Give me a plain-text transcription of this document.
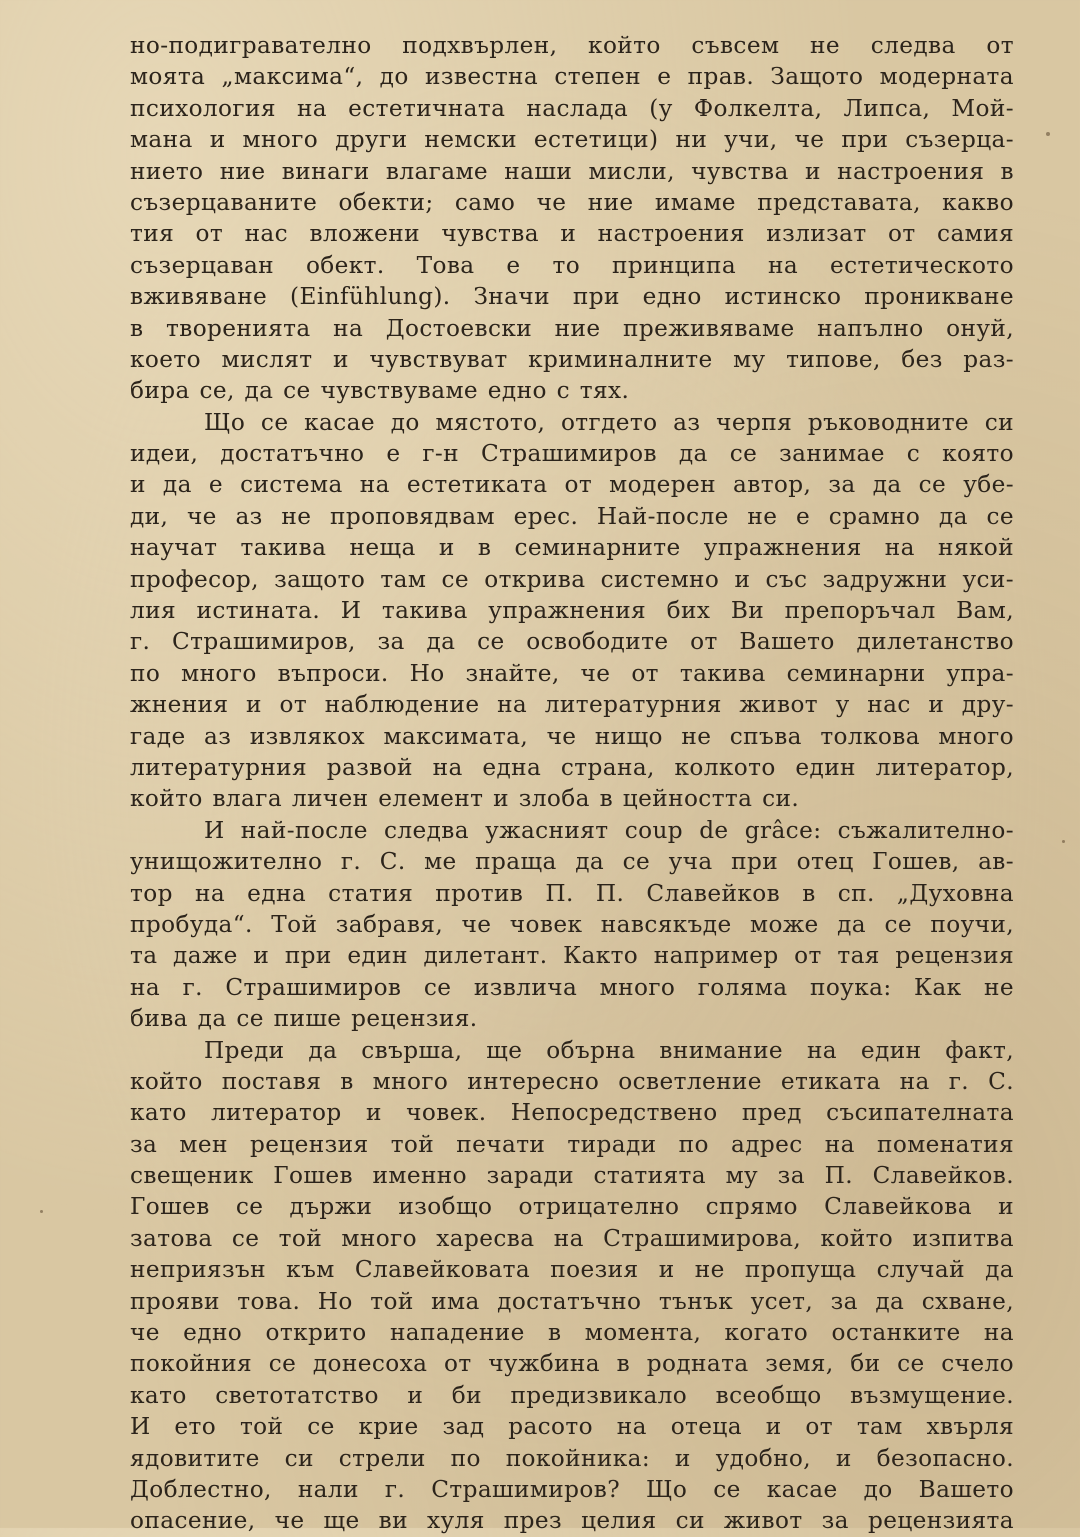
но-подигравателно подхвърлен, който съвсем не следва от
моята „максима“, до известна степен е прав. Защото модерната
психология на естетичната наслада (у Фолкелта, Липса, Мой-
мана и много други немски естетици) ни учи, че при съзерца-
нието ние винаги влагаме наши мисли, чувства и настроения в
съзерцаваните обекти; само че ние имаме представата, какво
тия от нас вложени чувства и настроения излизат от самия
съзерцаван обект. Това е то принципа на естетическото
вживяване (Einfühlung). Значи при едно истинско проникване
в творенията на Достоевски ние преживяваме напълно онуй,
което мислят и чувствуват криминалните му типове, без раз-
бира се, да се чувствуваме едно с тях.
Що се касае до мястото, отгдето аз черпя ръководните си
идеи, достатъчно е г-н Страшимиров да се занимае с която
и да е система на естетиката от модерен автор, за да се убе-
ди, че аз не проповядвам ерес. Най-после не е срамно да се
научат такива неща и в семинарните упражнения на някой
професор, защото там се открива системно и със задружни уси-
лия истината. И такива упражнения бих Ви препоръчал Вам,
г. Страшимиров, за да се освободите от Вашето дилетанство
по много въпроси. Но знайте, че от такива семинарни упра-
жнения и от наблюдение на литературния живот у нас и дру-
гаде аз извлякох максимата, че нищо не спъва толкова много
литературния развой на една страна, колкото един литератор,
който влага личен елемент и злоба в цейността си.
И най-после следва ужасният coup de grâce: съжалително-
унищожително г. С. ме праща да се уча при отец Гошев, ав-
тор на една статия против П. П. Славейков в сп. „Духовна
пробуда“. Той забравя, че човек навсякъде може да се поучи,
та даже и при един дилетант. Както например от тая рецензия
на г. Страшимиров се извлича много голяма поука: Как не
бива да се пише рецензия.
Преди да свърша, ще обърна внимание на един факт,
който поставя в много интересно осветление етиката на г. С.
като литератор и човек. Непосредствено пред съсипателната
за мен рецензия той печати тиради по адрес на поменатия
свещеник Гошев именно заради статията му за П. Славейков.
Гошев се държи изобщо отрицателно спрямо Славейкова и
затова се той много харесва на Страшимирова, който изпитва
неприязън към Славейковата поезия и не пропуща случай да
прояви това. Но той има достатъчно тънък усет, за да схване,
че едно открито нападение в момента, когато останките на
покойния се донесоха от чужбина в родната земя, би се счело
като светотатство и би предизвикало всеобщо възмущение.
И ето той се крие зад расото на отеца и от там хвърля
ядовитите си стрели по покойника: и удобно, и безопасно.
Доблестно, нали г. Страшимиров? Що се касае до Вашето
опасение, че ще ви хуля през целия си живот за рецензията
